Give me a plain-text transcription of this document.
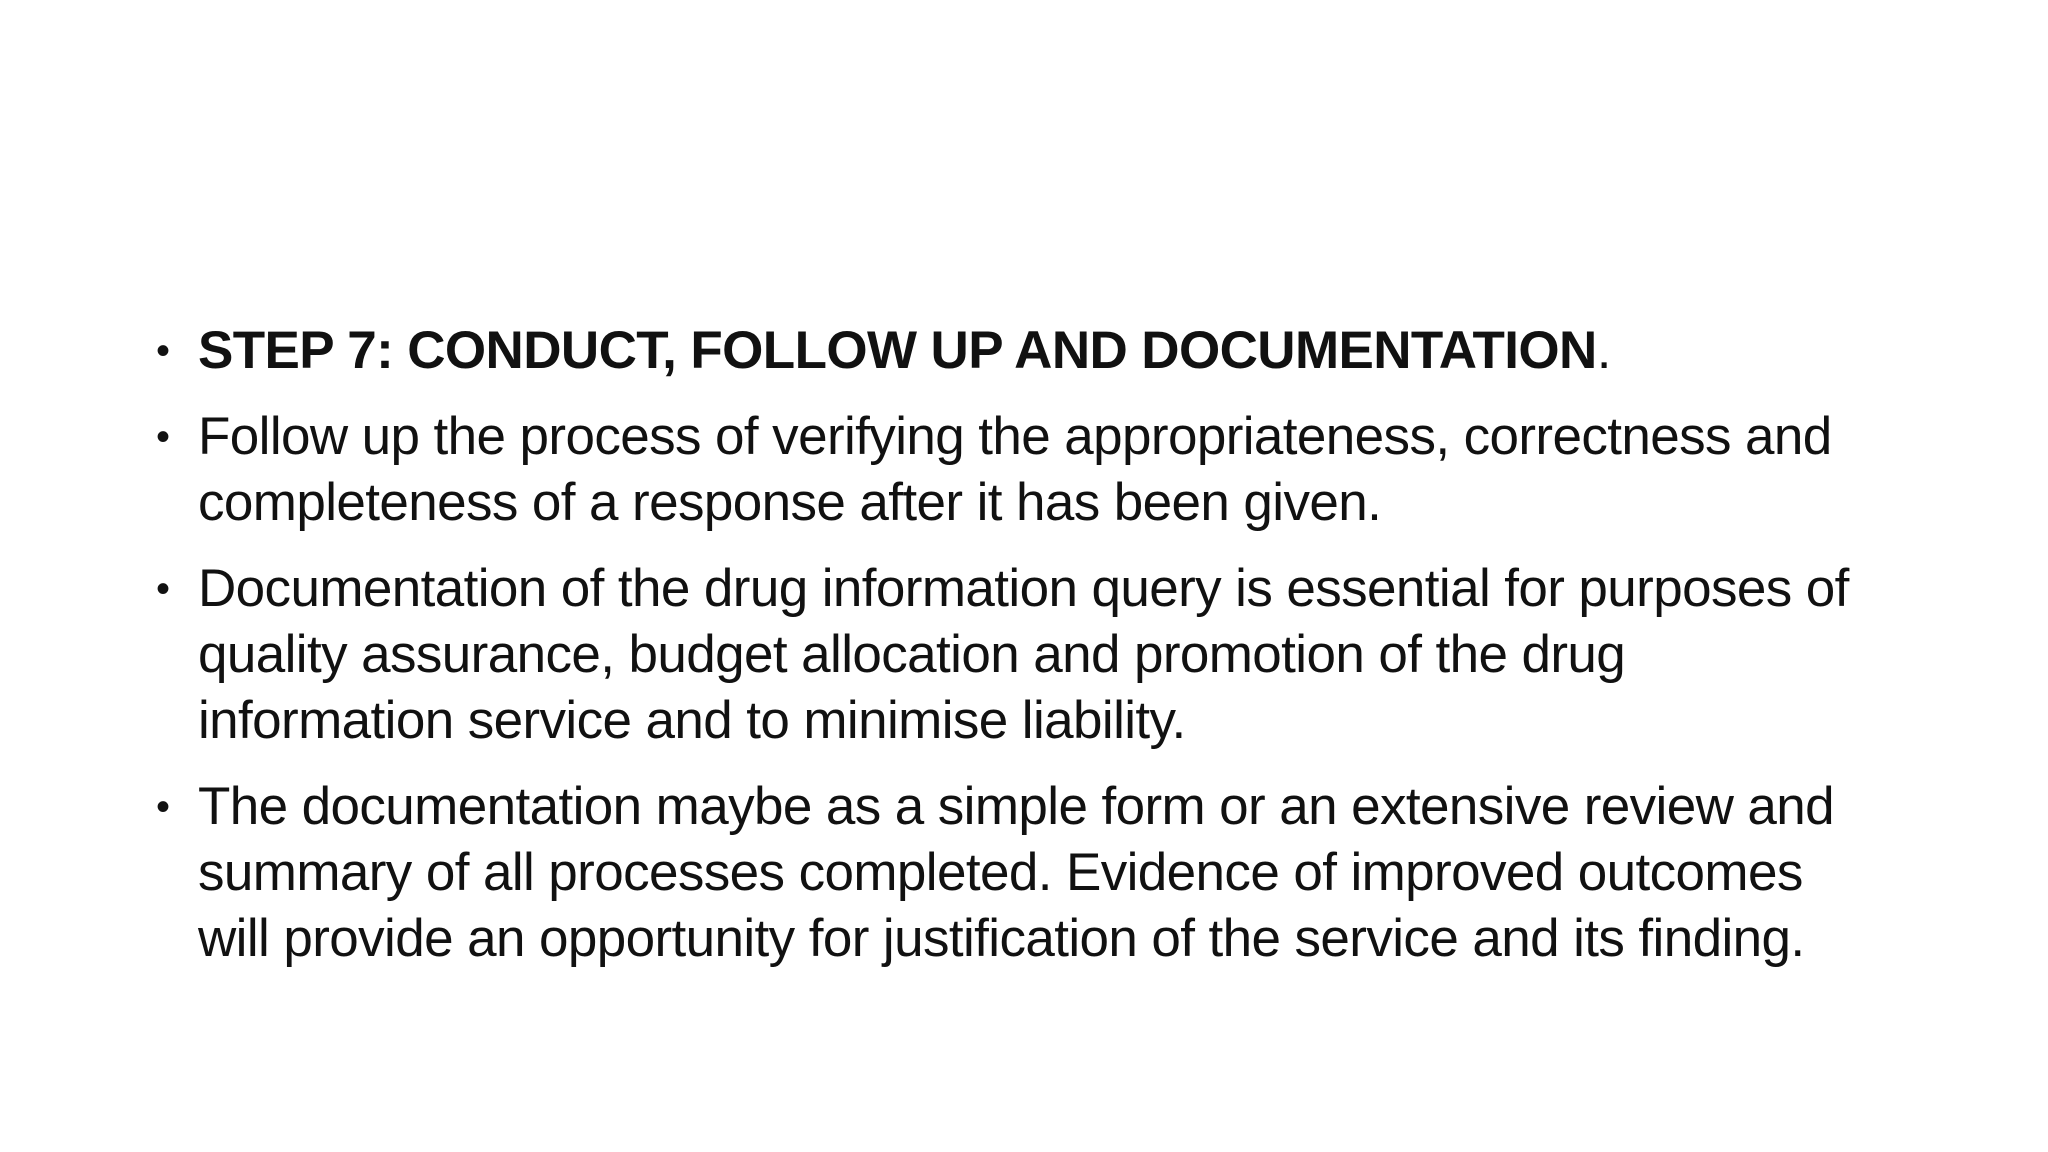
• STEP 7: CONDUCT, FOLLOW UP AND DOCUMENTATION.
• Follow up the process of verifying the appropriateness, correctness and completeness of a response after it has been given.
• Documentation of the drug information query is essential for purposes of quality assurance, budget allocation and promotion of the drug information service and to minimise liability.
• The documentation maybe as a simple form or an extensive review and summary of all processes completed. Evidence of improved outcomes will provide an opportunity for justification of the service and its finding.
